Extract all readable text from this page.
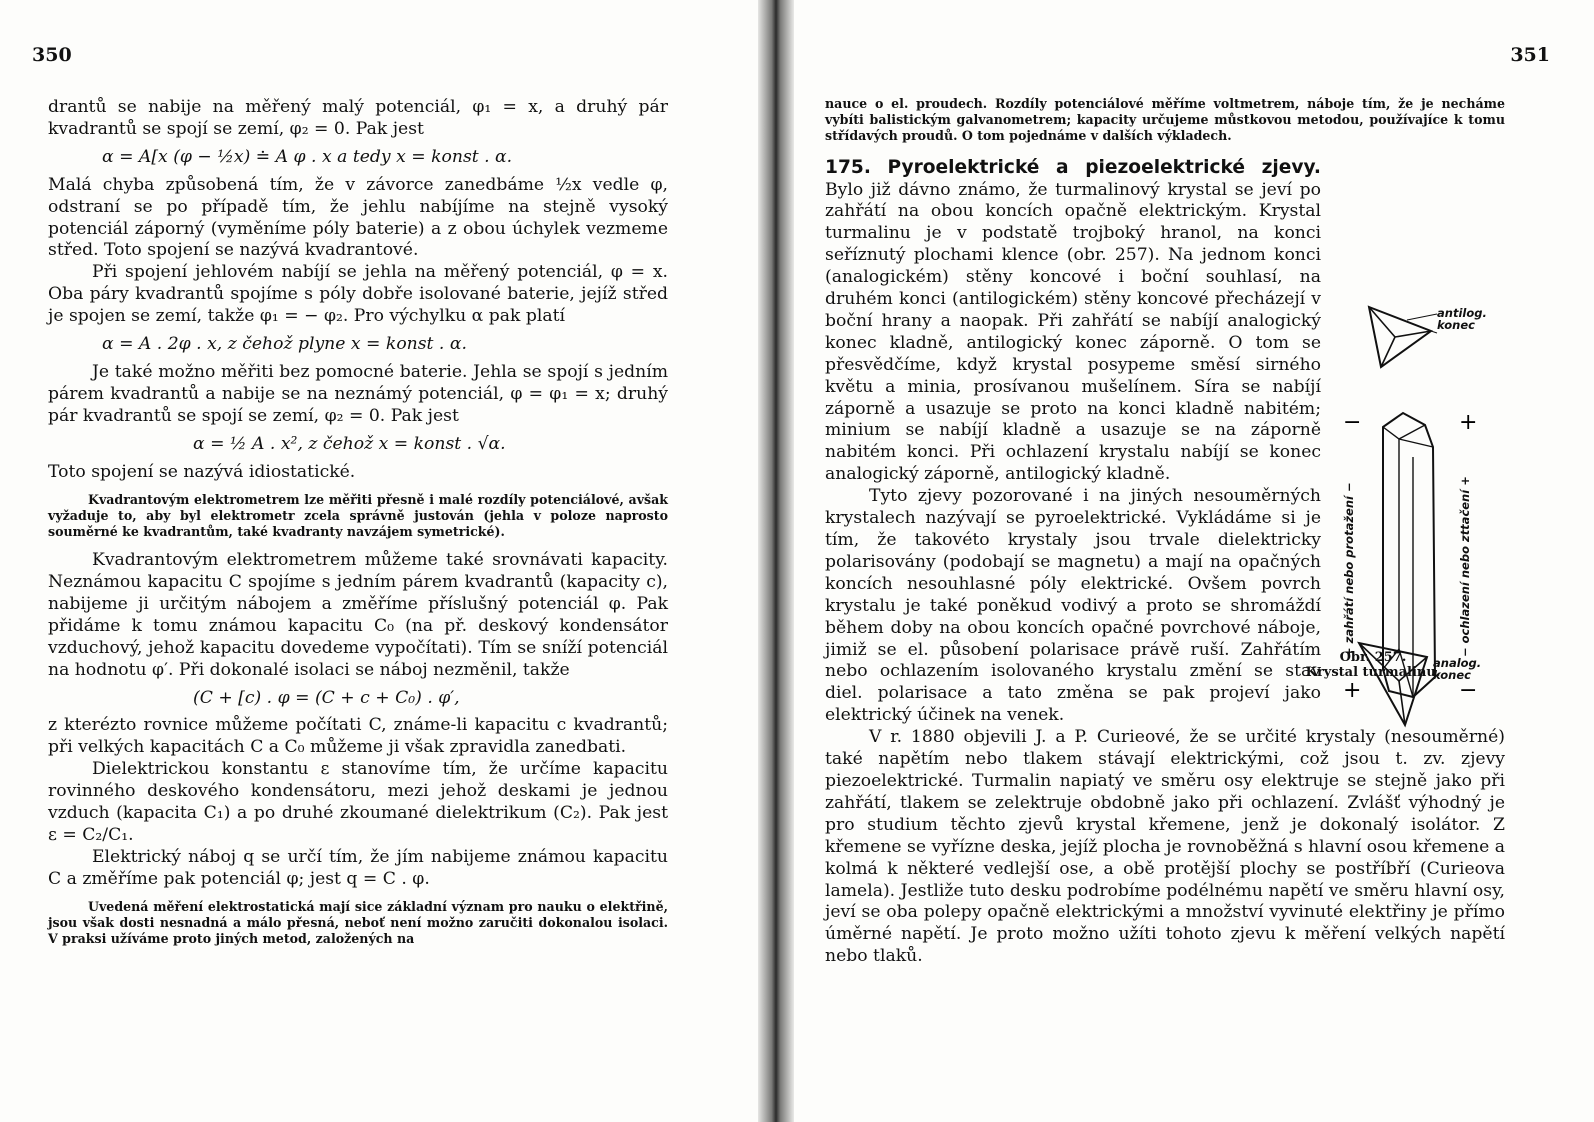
350

drantů se nabije na měřený malý potenciál, φ₁ = x, a druhý pár kvadrantů se spojí se zemí, φ₂ = 0. Pak jest

α = A[x (φ − ½x) ≐ A φ . x a tedy x = konst . α.

Malá chyba způsobená tím, že v závorce zanedbáme ½x vedle φ, odstraní se po případě tím, že jehlu nabíjíme na stejně vysoký potenciál záporný (vyměníme póly baterie) a z obou úchylek vezmeme střed. Toto spojení se nazývá kvadrantové.

Při spojení jehlovém nabíjí se jehla na měřený potenciál, φ = x. Oba páry kvadrantů spojíme s póly dobře isolované baterie, jejíž střed je spojen se zemí, takže φ₁ = − φ₂. Pro výchylku α pak platí

α = A . 2φ . x, z čehož plyne x = konst . α.

Je také možno měřiti bez pomocné baterie. Jehla se spojí s jedním párem kvadrantů a nabije se na neznámý potenciál, φ = φ₁ = x; druhý pár kvadrantů se spojí se zemí, φ₂ = 0. Pak jest

α = ½ A . x², z čehož x = konst . √α.

Toto spojení se nazývá idiostatické.

Kvadrantovým elektrometrem lze měřiti přesně i malé rozdíly potenciálové, avšak vyžaduje to, aby byl elektrometr zcela správně justován (jehla v poloze naprosto souměrné ke kvadrantům, také kvadranty navzájem symetrické).

Kvadrantovým elektrometrem můžeme také srovnávati kapacity. Neznámou kapacitu C spojíme s jedním párem kvadrantů (kapacity c), nabijeme ji určitým nábojem a změříme příslušný potenciál φ. Pak přidáme k tomu známou kapacitu C₀ (na př. deskový kondensátor vzduchový, jehož kapacitu dovedeme vypočítati). Tím se sníží potenciál na hodnotu φ′. Při dokonalé isolaci se náboj nezměnil, takže

(C + [c) . φ = (C + c + C₀) . φ′,

z kterézto rovnice můžeme počítati C, známe-li kapacitu c kvadrantů; při velkých kapacitách C a C₀ můžeme ji však zpravidla zanedbati.

Dielektrickou konstantu ε stanovíme tím, že určíme kapacitu rovinného deskového kondensátoru, mezi jehož deskami je jednou vzduch (kapacita C₁) a po druhé zkoumané dielektrikum (C₂). Pak jest ε = C₂/C₁.

Elektrický náboj q se určí tím, že jím nabijeme známou kapacitu C a změříme pak potenciál φ; jest q = C . φ.

Uvedená měření elektrostatická mají sice základní význam pro nauku o elektřině, jsou však dosti nesnadná a málo přesná, neboť není možno zaručiti dokonalou isolaci. V praksi užíváme proto jiných metod, založených na

351

nauce o el. proudech. Rozdíly potenciálové měříme voltmetrem, náboje tím, že je necháme vybíti balistickým galvanometrem; kapacity určujeme můstkovou metodou, používajíce k tomu střídavých proudů. O tom pojednáme v dalších výkladech.

−
+
+
−
antilog. konec
analog. konec
+ zahřátí nebo protažení −	− ochlazení nebo zttačení +

175. Pyroelektrické a piezoelektrické zjevy. Bylo již dávno známo, že turmalinový krystal se jeví po zahřátí na obou koncích opačně elektrickým. Krystal turmalinu je v podstatě trojboký hranol, na konci seříznutý plochami klence (obr. 257). Na jednom konci (analogickém) stěny koncové i boční souhlasí, na druhém konci (antilogickém) stěny koncové přecházejí v boční hrany a naopak. Při zahřátí se nabíjí analogický konec kladně, antilogický konec záporně. O tom se přesvědčíme, když krystal posypeme směsí sirného květu a minia, prosívanou mušelínem. Síra se nabíjí záporně a usazuje se proto na konci kladně nabitém; minium se nabíjí kladně a usazuje se na záporně nabitém konci. Při ochlazení krystalu nabíjí se konec analogický záporně, antilogický kladně.

Tyto zjevy pozorované i na jiných nesouměrných krystalech nazývají se pyroelektrické. Vykládáme si je tím, že takovéto krystaly jsou trvale dielektricky polarisovány (podobají se magnetu) a mají na opačných koncích nesouhlasné póly elektrické. Ovšem povrch krystalu je také poněkud vodivý a proto se shromáždí během doby na obou koncích opačné povrchové náboje, jimiž se el. působení polarisace právě ruší. Zahřátím nebo ochlazením isolovaného krystalu změní se stav diel. polarisace a tato změna se pak projeví jako elektrický účinek na venek.

V r. 1880 objevili J. a P. Curieové, že se určité krystaly (nesouměrné) také napětím nebo tlakem stávají elektrickými, což jsou t. zv. zjevy piezoelektrické. Turmalin napiatý ve směru osy elektruje se stejně jako při zahřátí, tlakem se zelektruje obdobně jako při ochlazení. Zvlášť výhodný je pro studium těchto zjevů krystal křemene, jenž je dokonalý isolátor. Z křemene se vyřízne deska, jejíž plocha je rovnoběžná s hlavní osou křemene a kolmá k některé vedlejší ose, a obě protější plochy se postříbří (Curieova lamela). Jestliže tuto desku podrobíme podélnému napětí ve směru hlavní osy, jeví se oba polepy opačně elektrickými a množství vyvinuté elektřiny je přímo úměrné napětí. Je proto možno užíti tohoto zjevu k měření velkých napětí nebo tlaků.

Obr. 257.
Krystal turmalinu.
